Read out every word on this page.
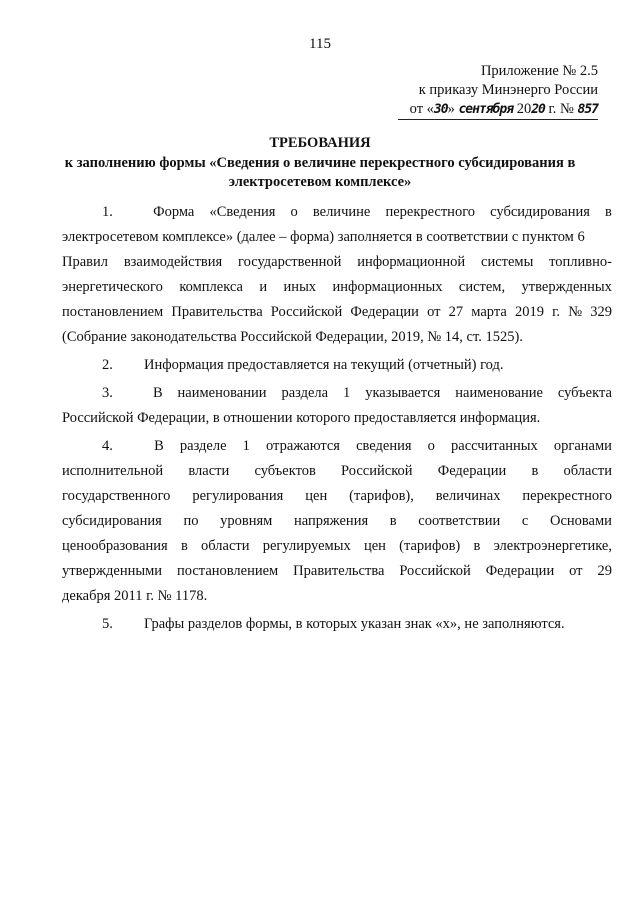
115
Приложение № 2.5
к приказу Минэнерго России
от «30» сентября 2020 г. № 857
ТРЕБОВАНИЯ
к заполнению формы «Сведения о величине перекрестного субсидирования в
электросетевом комплексе»
1.	Форма «Сведения о величине перекрестного субсидирования в
электросетевом комплексе» (далее – форма) заполняется в соответствии с пунктом 6
Правил взаимодействия государственной информационной системы топливно-
энергетического комплекса и иных информационных систем, утвержденных
постановлением Правительства Российской Федерации от 27 марта 2019 г. № 329
(Собрание законодательства Российской Федерации, 2019, № 14, ст. 1525).
2.	Информация предоставляется на текущий (отчетный) год.
3.	В наименовании раздела 1 указывается наименование субъекта
Российской Федерации, в отношении которого предоставляется информация.
4.	В разделе 1 отражаются сведения о рассчитанных органами
исполнительной власти субъектов Российской Федерации в области
государственного регулирования цен (тарифов), величинах перекрестного
субсидирования по уровням напряжения в соответствии с Основами
ценообразования в области регулируемых цен (тарифов) в электроэнергетике,
утвержденными постановлением Правительства Российской Федерации от 29
декабря 2011 г. № 1178.
5.	Графы разделов формы, в которых указан знак «х», не заполняются.
